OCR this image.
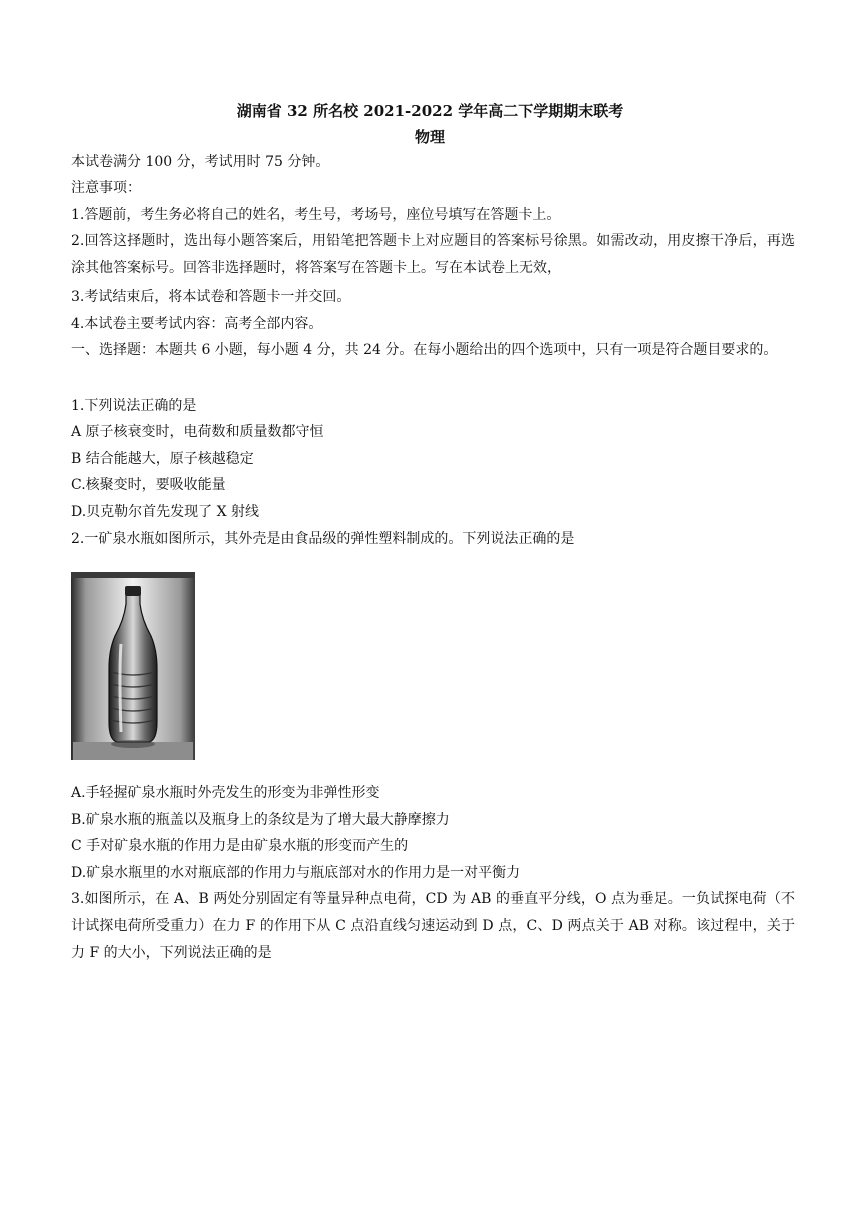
湖南省 32 所名校 2021-2022 学年高二下学期期末联考
物理
本试卷满分 100 分，考试用时 75 分钟。
注意事项：
1.答题前，考生务必将自己的姓名，考生号，考场号，座位号填写在答题卡上。
2.回答这择题时，选出每小题答案后，用铅笔把答题卡上对应题目的答案标号徐黑。如需改动，用皮擦干净后，再选涂其他答案标号。回答非选择题时，将答案写在答题卡上。写在本试卷上无效，
3.考试结束后，将本试卷和答题卡一并交回。
4.本试卷主要考试内容：高考全部内容。
一、选择题：本题共 6 小题，每小题 4 分，共 24 分。在每小题给出的四个选项中，只有一项是符合题目要求的。
1.下列说法正确的是
A 原子核衰变时，电荷数和质量数都守恒
B 结合能越大，原子核越稳定
C.核聚变时，要吸收能量
D.贝克勒尔首先发现了 X 射线
2.一矿泉水瓶如图所示，其外壳是由食品级的弹性塑料制成的。下列说法正确的是
A.手轻握矿泉水瓶时外壳发生的形变为非弹性形变
B.矿泉水瓶的瓶盖以及瓶身上的条纹是为了增大最大静摩擦力
C 手对矿泉水瓶的作用力是由矿泉水瓶的形变而产生的
D.矿泉水瓶里的水对瓶底部的作用力与瓶底部对水的作用力是一对平衡力
3.如图所示，在 A、B 两处分别固定有等量异种点电荷，CD 为 AB 的垂直平分线，O 点为垂足。一负试探电荷（不计试探电荷所受重力）在力 F 的作用下从 C 点沿直线匀速运动到 D 点，C、D 两点关于 AB 对称。该过程中，关于力 F 的大小，下列说法正确的是
